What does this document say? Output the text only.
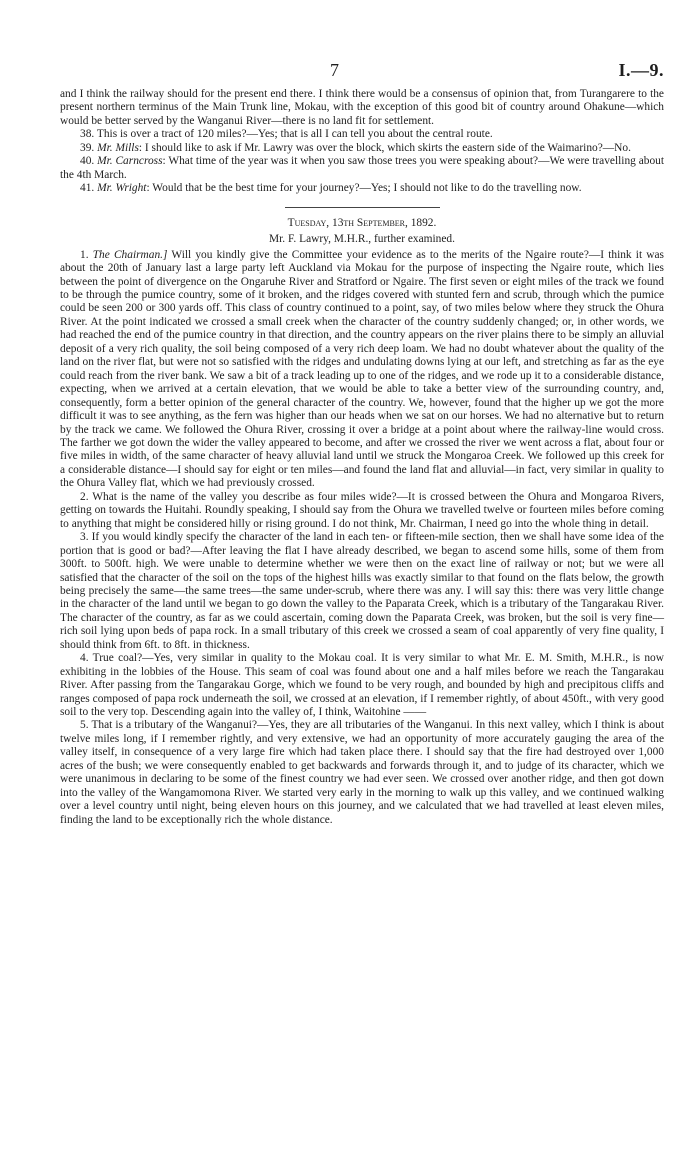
7	I.—9.

and I think the railway should for the present end there. I think there would be a consensus of opinion that, from Turangarere to the present northern terminus of the Main Trunk line, Mokau, with the exception of this good bit of country around Ohakune—which would be better served by the Wanganui River—there is no land fit for settlement.

38. This is over a tract of 120 miles?—Yes; that is all I can tell you about the central route.

39. Mr. Mills: I should like to ask if Mr. Lawry was over the block, which skirts the eastern side of the Waimarino?—No.

40. Mr. Carncross: What time of the year was it when you saw those trees you were speaking about?—We were travelling about the 4th March.

41. Mr. Wright: Would that be the best time for your journey?—Yes; I should not like to do the travelling now.

Tuesday, 13th September, 1892.

Mr. F. Lawry, M.H.R., further examined.

1. The Chairman.] Will you kindly give the Committee your evidence as to the merits of the Ngaire route?—I think it was about the 20th of January last a large party left Auckland via Mokau for the purpose of inspecting the Ngaire route, which lies between the point of divergence on the Ongaruhe River and Stratford or Ngaire. The first seven or eight miles of the track we found to be through the pumice country, some of it broken, and the ridges covered with stunted fern and scrub, through which the pumice could be seen 200 or 300 yards off. This class of country continued to a point, say, of two miles below where they struck the Ohura River. At the point indicated we crossed a small creek when the character of the country suddenly changed; or, in other words, we had reached the end of the pumice country in that direction, and the country appears on the river plains there to be simply an alluvial deposit of a very rich quality, the soil being composed of a very rich deep loam. We had no doubt whatever about the quality of the land on the river flat, but were not so satisfied with the ridges and undulating downs lying at our left, and stretching as far as the eye could reach from the river bank. We saw a bit of a track leading up to one of the ridges, and we rode up it to a considerable distance, expecting, when we arrived at a certain elevation, that we would be able to take a better view of the surrounding country, and, consequently, form a better opinion of the general character of the country. We, however, found that the higher up we got the more difficult it was to see anything, as the fern was higher than our heads when we sat on our horses. We had no alternative but to return by the track we came. We followed the Ohura River, crossing it over a bridge at a point about where the railway-line would cross. The farther we got down the wider the valley appeared to become, and after we crossed the river we went across a flat, about four or five miles in width, of the same character of heavy alluvial land until we struck the Mongaroa Creek. We followed up this creek for a considerable distance—I should say for eight or ten miles—and found the land flat and alluvial—in fact, very similar in quality to the Ohura Valley flat, which we had previously crossed.

2. What is the name of the valley you describe as four miles wide?—It is crossed between the Ohura and Mongaroa Rivers, getting on towards the Huitahi. Roundly speaking, I should say from the Ohura we travelled twelve or fourteen miles before coming to anything that might be considered hilly or rising ground. I do not think, Mr. Chairman, I need go into the whole thing in detail.

3. If you would kindly specify the character of the land in each ten- or fifteen-mile section, then we shall have some idea of the portion that is good or bad?—After leaving the flat I have already described, we began to ascend some hills, some of them from 300ft. to 500ft. high. We were unable to determine whether we were then on the exact line of railway or not; but we were all satisfied that the character of the soil on the tops of the highest hills was exactly similar to that found on the flats below, the growth being precisely the same—the same trees—the same under-scrub, where there was any. I will say this: there was very little change in the character of the land until we began to go down the valley to the Paparata Creek, which is a tributary of the Tangarakau River. The character of the country, as far as we could ascertain, coming down the Paparata Creek, was broken, but the soil is very fine—rich soil lying upon beds of papa rock. In a small tributary of this creek we crossed a seam of coal apparently of very fine quality, I should think from 6ft. to 8ft. in thickness.

4. True coal?—Yes, very similar in quality to the Mokau coal. It is very similar to what Mr. E. M. Smith, M.H.R., is now exhibiting in the lobbies of the House. This seam of coal was found about one and a half miles before we reach the Tangarakau River. After passing from the Tangarakau Gorge, which we found to be very rough, and bounded by high and precipitous cliffs and ranges composed of papa rock underneath the soil, we crossed at an elevation, if I remember rightly, of about 450ft., with very good soil to the very top. Descending again into the valley of, I think, Waitohine ——

5. That is a tributary of the Wanganui?—Yes, they are all tributaries of the Wanganui. In this next valley, which I think is about twelve miles long, if I remember rightly, and very extensive, we had an opportunity of more accurately gauging the area of the valley itself, in consequence of a very large fire which had taken place there. I should say that the fire had destroyed over 1,000 acres of the bush; we were consequently enabled to get backwards and forwards through it, and to judge of its character, which we were unanimous in declaring to be some of the finest country we had ever seen. We crossed over another ridge, and then got down into the valley of the Wangamomona River. We started very early in the morning to walk up this valley, and we continued walking over a level country until night, being eleven hours on this journey, and we calculated that we had travelled at least eleven miles, finding the land to be exceptionally rich the whole distance.
